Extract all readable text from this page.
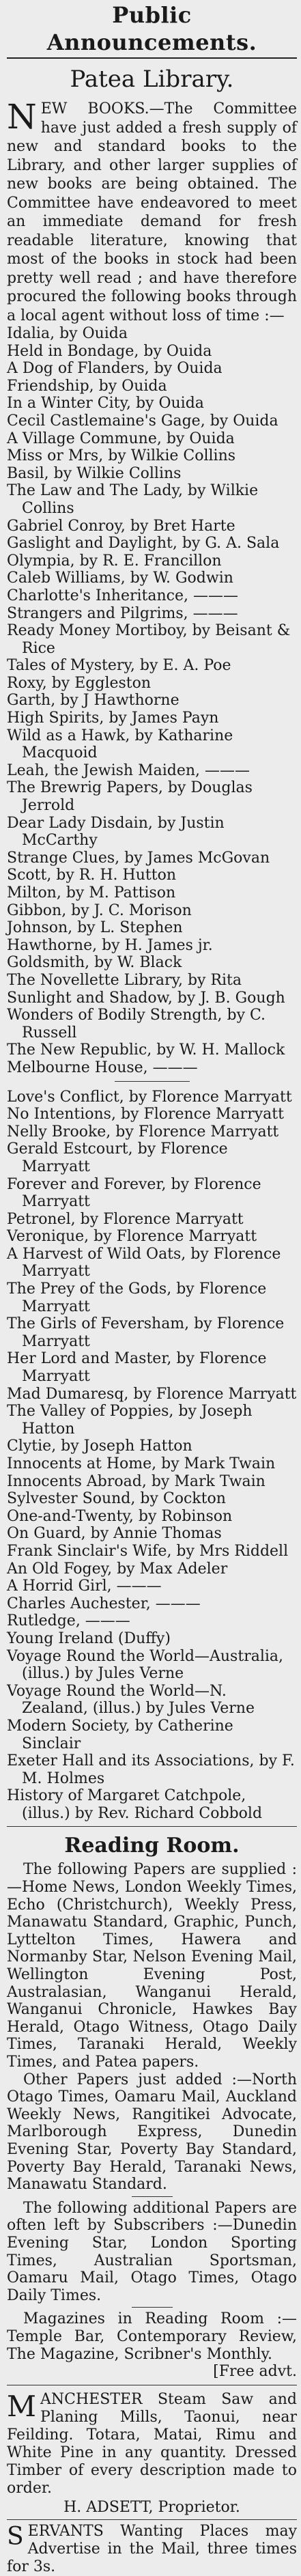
Public Announcements.
Patea Library.

NEW BOOKS.—The Committee have just added a fresh supply of new and standard books to the Library, and other larger supplies of new books are being obtained. The Committee have endeavored to meet an immediate demand for fresh readable literature, knowing that most of the books in stock had been pretty well read ; and have therefore procured the following books through a local agent without loss of time :—

Idalia, by Ouida
Held in Bondage, by Ouida
A Dog of Flanders, by Ouida
Friendship, by Ouida
In a Winter City, by Ouida
Cecil Castlemaine's Gage, by Ouida
A Village Commune, by Ouida
Miss or Mrs, by Wilkie Collins
Basil, by Wilkie Collins
The Law and The Lady, by Wilkie Collins
Gabriel Conroy, by Bret Harte
Gaslight and Daylight, by G. A. Sala
Olympia, by R. E. Francillon
Caleb Williams, by W. Godwin
Charlotte's Inheritance, ———
Strangers and Pilgrims, ———
Ready Money Mortiboy, by Beisant & Rice
Tales of Mystery, by E. A. Poe
Roxy, by Eggleston
Garth, by J Hawthorne
High Spirits, by James Payn
Wild as a Hawk, by Katharine Macquoid
Leah, the Jewish Maiden, ———
The Brewrig Papers, by Douglas Jerrold
Dear Lady Disdain, by Justin McCarthy
Strange Clues, by James McGovan
Scott, by R. H. Hutton
Milton, by M. Pattison
Gibbon, by J. C. Morison
Johnson, by L. Stephen
Hawthorne, by H. James jr.
Goldsmith, by W. Black
The Novellette Library, by Rita
Sunlight and Shadow, by J. B. Gough
Wonders of Bodily Strength, by C. Russell
The New Republic, by W. H. Mallock
Melbourne House, ———
Love's Conflict, by Florence Marryatt
No Intentions, by Florence Marryatt
Nelly Brooke, by Florence Marryatt
Gerald Estcourt, by Florence Marryatt
Forever and Forever, by Florence Marryatt
Petronel, by Florence Marryatt
Veronique, by Florence Marryatt
A Harvest of Wild Oats, by Florence Marryatt
The Prey of the Gods, by Florence Marryatt
The Girls of Feversham, by Florence Marryatt
Her Lord and Master, by Florence Marryatt
Mad Dumaresq, by Florence Marryatt
The Valley of Poppies, by Joseph Hatton
Clytie, by Joseph Hatton
Innocents at Home, by Mark Twain
Innocents Abroad, by Mark Twain
Sylvester Sound, by Cockton
One-and-Twenty, by Robinson
On Guard, by Annie Thomas
Frank Sinclair's Wife, by Mrs Riddell
An Old Fogey, by Max Adeler
A Horrid Girl, ———
Charles Auchester, ———
Rutledge, ———
Young Ireland (Duffy)
Voyage Round the World—Australia, (illus.) by Jules Verne
Voyage Round the World—N. Zealand, (illus.) by Jules Verne
Modern Society, by Catherine Sinclair
Exeter Hall and its Associations, by F. M. Holmes
History of Margaret Catchpole, (illus.) by Rev. Richard Cobbold
Reading Room.

The following Papers are supplied :—Home News, London Weekly Times, Echo (Christchurch), Weekly Press, Manawatu Standard, Graphic, Punch, Lyttelton Times, Hawera and Normanby Star, Nelson Evening Mail, Wellington Evening Post, Australasian, Wanganui Herald, Wanganui Chronicle, Hawkes Bay Herald, Otago Witness, Otago Daily Times, Taranaki Herald, Weekly Times, and Patea papers.

Other Papers just added :—North Otago Times, Oamaru Mail, Auckland Weekly News, Rangitikei Advocate, Marlborough Express, Dunedin Evening Star, Poverty Bay Standard, Poverty Bay Herald, Taranaki News, Manawatu Standard.

The following additional Papers are often left by Subscribers :—Dunedin Evening Star, London Sporting Times, Australian Sportsman, Oamaru Mail, Otago Times, Otago Daily Times.

Magazines in Reading Room :—Temple Bar, Contemporary Review, The Magazine, Scribner's Monthly.

[Free advt.

MANCHESTER Steam Saw and Planing Mills, Taonui, near Feilding. Totara, Matai, Rimu and White Pine in any quantity. Dressed Timber of every description made to order.

H. ADSETT, Proprietor.

SERVANTS Wanting Places may Advertise in the Mail, three times for 3s.
